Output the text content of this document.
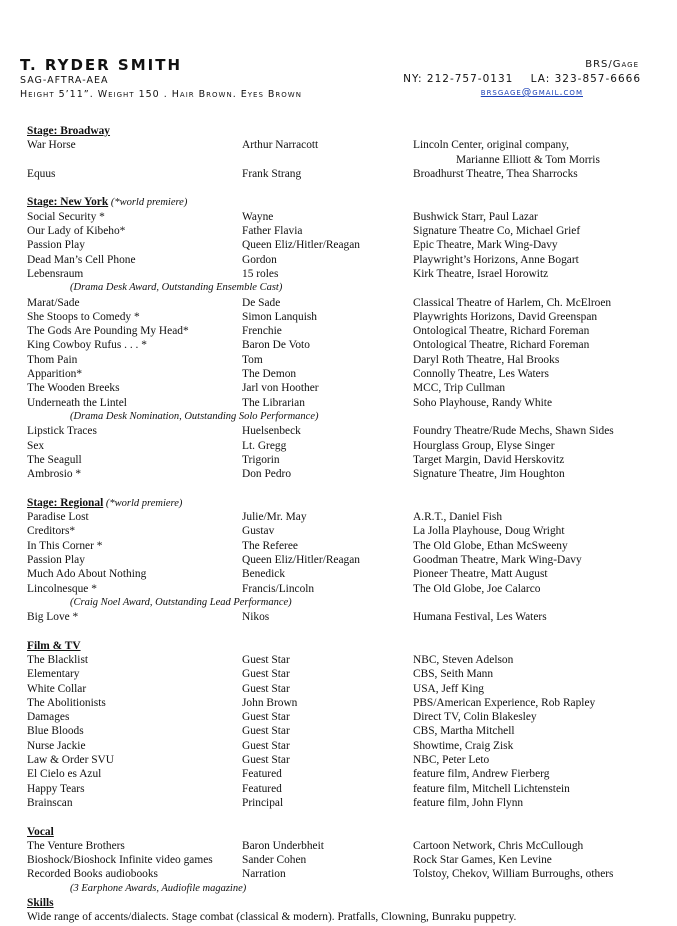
T. RYDER SMITH
SAG-AFTRA-AEA
Height 5’11”. Weight 150 . Hair Brown. Eyes Brown
BRS/Gage
NY: 212-757-0131    LA: 323-857-6666
brsgage@gmail.com
Stage: Broadway
War Horse	Arthur Narracott	Lincoln Center, original company,
Marianne Elliott & Tom Morris
Equus	Frank Strang	Broadhurst Theatre, Thea Sharrocks
Stage: New York (*world premiere)
Social Security *	Wayne	Bushwick Starr, Paul Lazar
Our Lady of Kibeho*	Father Flavia	Signature Theatre Co, Michael Grief
Passion Play	Queen Eliz/Hitler/Reagan	Epic Theatre, Mark Wing-Davy
Dead Man’s Cell Phone	Gordon	Playwright’s Horizons, Anne Bogart
Lebensraum	15 roles	Kirk Theatre, Israel Horowitz
(Drama Desk Award, Outstanding Ensemble Cast)
Marat/Sade	De Sade	Classical Theatre of Harlem, Ch. McElroen
She Stoops to Comedy *	Simon Lanquish	Playwrights Horizons, David Greenspan
The Gods Are Pounding My Head*	Frenchie	Ontological Theatre, Richard Foreman
King Cowboy Rufus . . . *	Baron De Voto	Ontological Theatre, Richard Foreman
Thom Pain	Tom	Daryl Roth Theatre, Hal Brooks
Apparition*	The Demon	Connolly Theatre, Les Waters
The Wooden Breeks	Jarl von Hoother	MCC, Trip Cullman
Underneath the Lintel	The Librarian	Soho Playhouse, Randy White
(Drama Desk Nomination, Outstanding Solo Performance)
Lipstick Traces	Huelsenbeck	Foundry Theatre/Rude Mechs, Shawn Sides
Sex	Lt. Gregg	Hourglass Group, Elyse Singer
The Seagull	Trigorin	Target Margin, David Herskovitz
Ambrosio *	Don Pedro	Signature Theatre, Jim Houghton
Stage: Regional (*world premiere)
Paradise Lost	Julie/Mr. May	A.R.T., Daniel Fish
Creditors*	Gustav	La Jolla Playhouse, Doug Wright
In This Corner *	The Referee	The Old Globe, Ethan McSweeny
Passion Play	Queen Eliz/Hitler/Reagan	Goodman Theatre, Mark Wing-Davy
Much Ado About Nothing	Benedick	Pioneer Theatre, Matt August
Lincolnesque *	Francis/Lincoln	The Old Globe, Joe Calarco
(Craig Noel Award, Outstanding Lead Performance)
Big Love *	Nikos	Humana Festival, Les Waters
Film & TV
The Blacklist	Guest Star	NBC, Steven Adelson
Elementary	Guest Star	CBS, Seith Mann
White Collar	Guest Star	USA, Jeff King
The Abolitionists	John Brown	PBS/American Experience, Rob Rapley
Damages	Guest Star	Direct TV, Colin Blakesley
Blue Bloods	Guest Star	CBS, Martha Mitchell
Nurse Jackie	Guest Star	Showtime, Craig Zisk
Law & Order SVU	Guest Star	NBC, Peter Leto
El Cielo es Azul	Featured	feature film, Andrew Fierberg
Happy Tears	Featured	feature film, Mitchell Lichtenstein
Brainscan	Principal	feature film, John Flynn
Vocal
The Venture Brothers	Baron Underbheit	Cartoon Network, Chris McCullough
Bioshock/Bioshock Infinite video games	Sander Cohen	Rock Star Games, Ken Levine
Recorded Books audiobooks	Narration	Tolstoy, Chekov, William Burroughs, others
(3 Earphone Awards, Audiofile magazine)
Skills
Wide range of accents/dialects. Stage combat (classical & modern). Pratfalls, Clowning, Bunraku puppetry.
